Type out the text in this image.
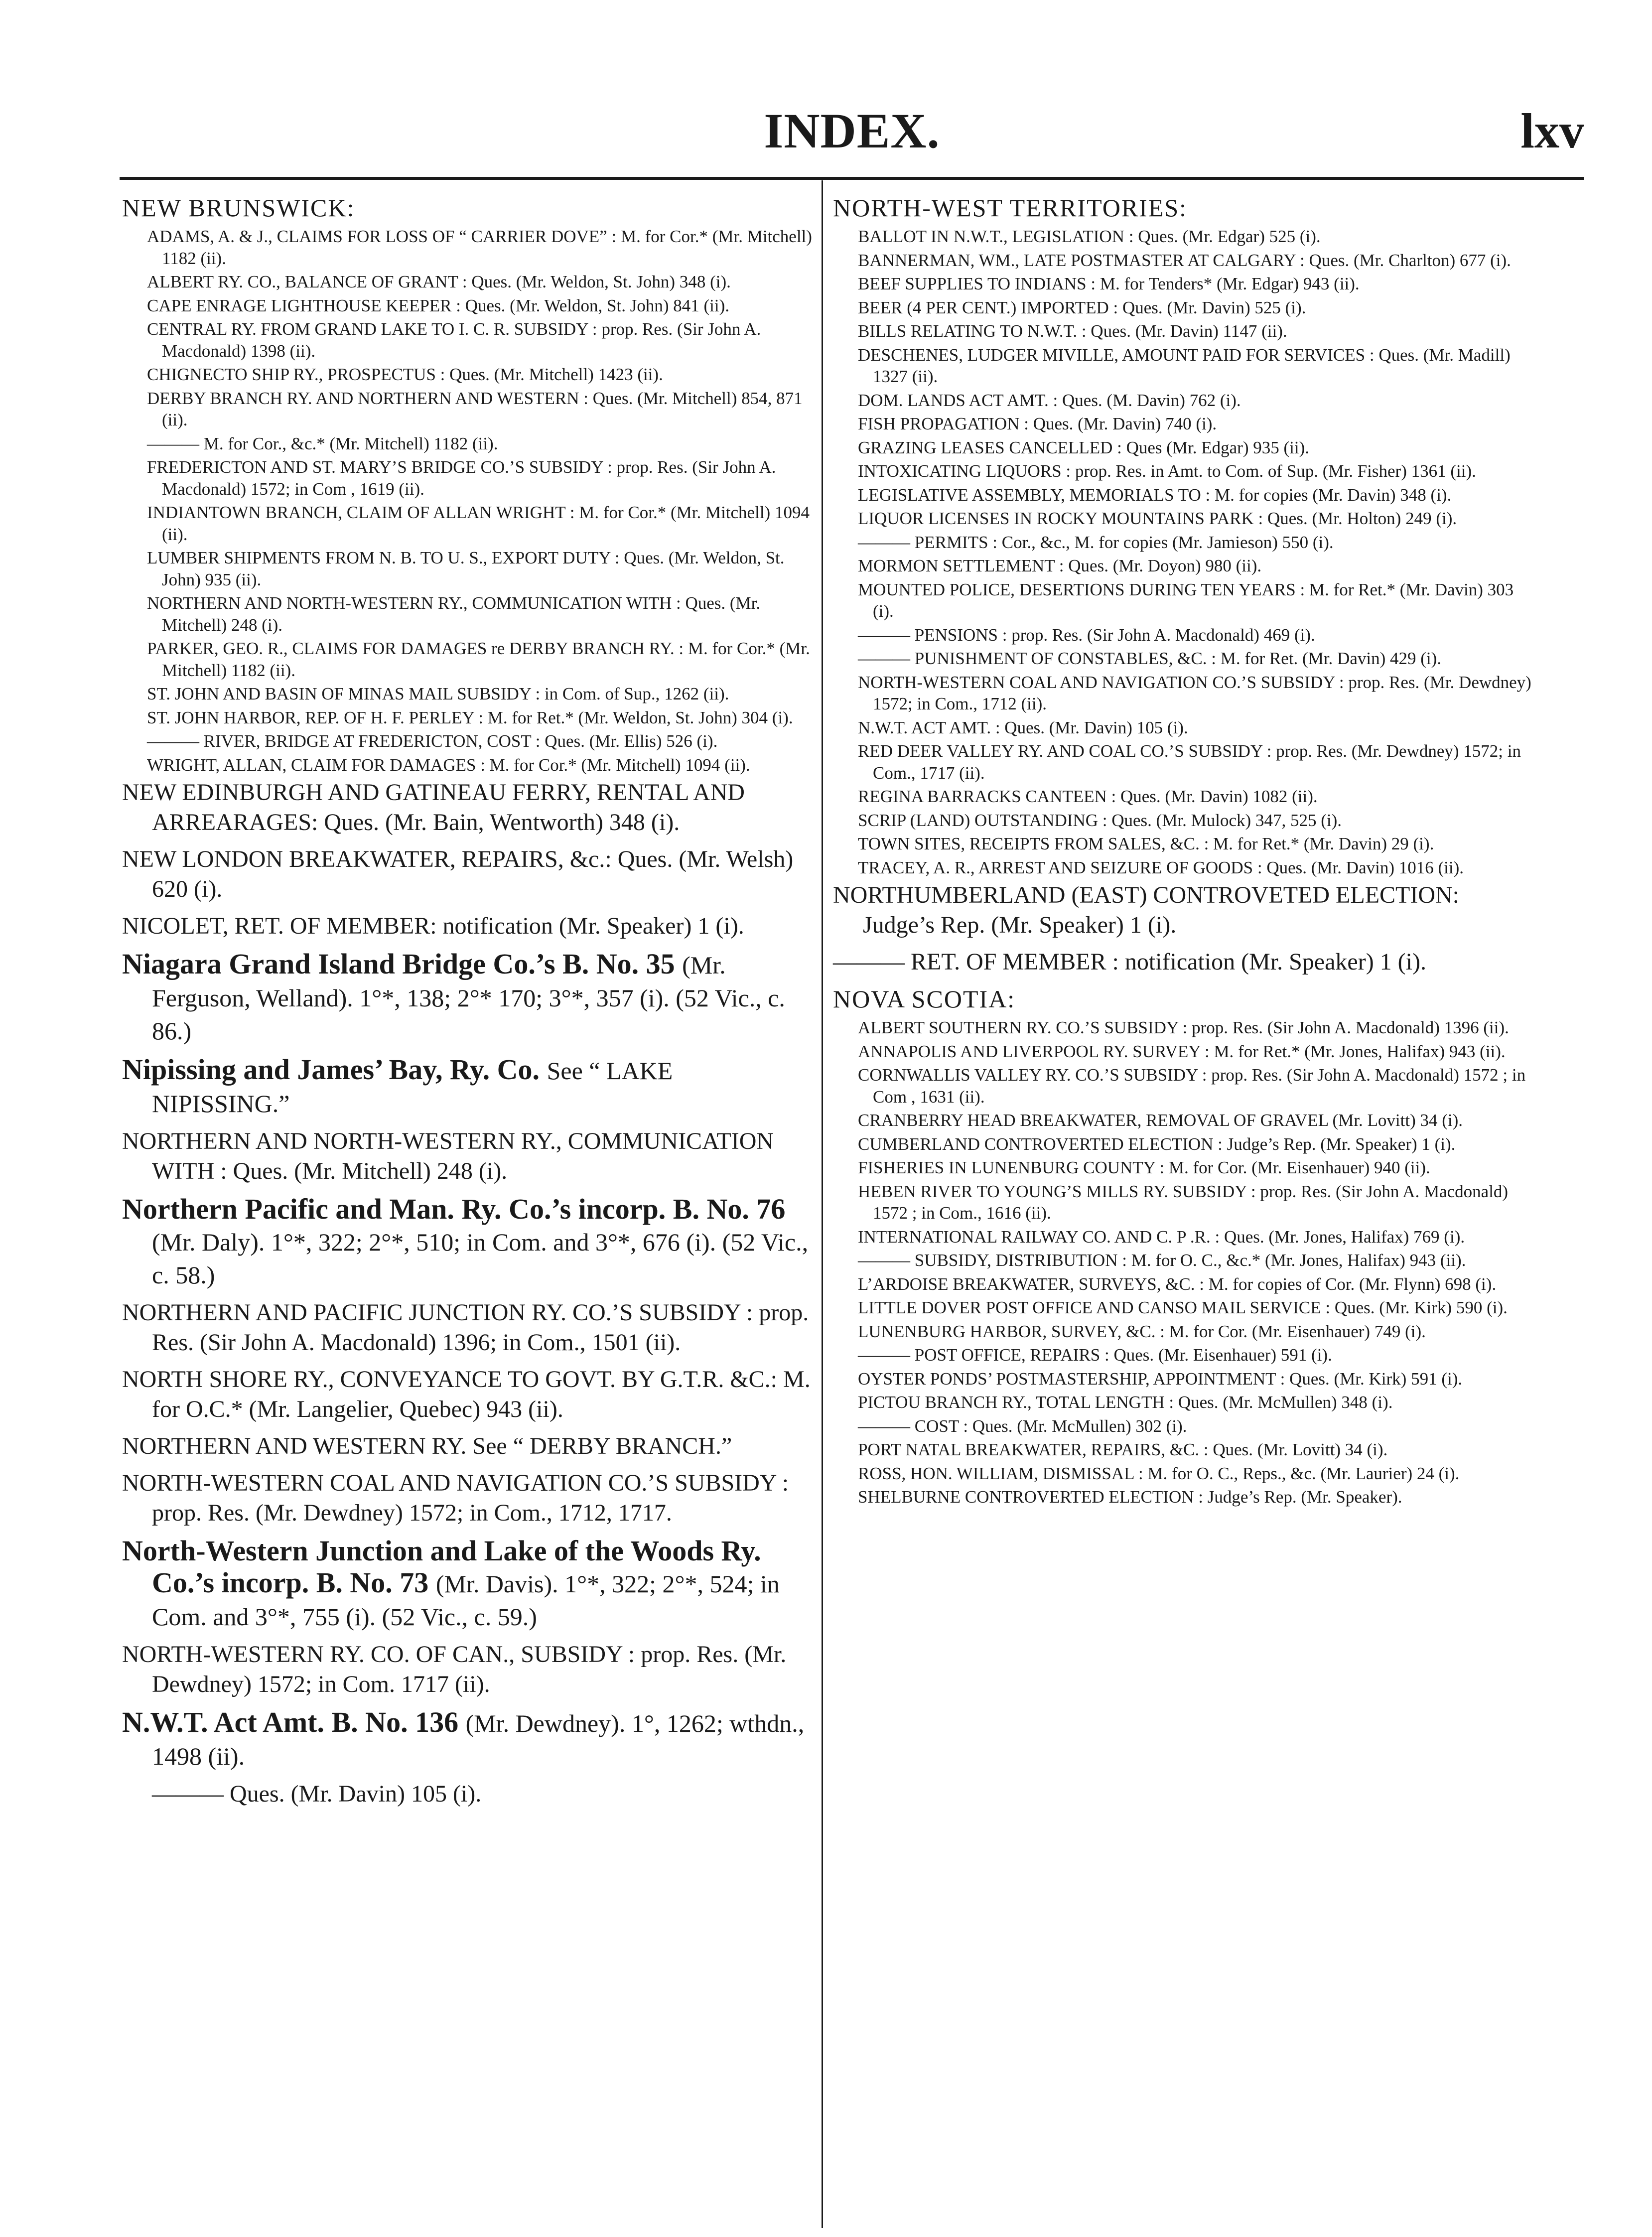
INDEX.	lxv
NEW BRUNSWICK:
ADAMS, A. & J., CLAIMS FOR LOSS OF “ CARRIER DOVE” : M. for Cor.* (Mr. Mitchell) 1182 (ii).
ALBERT RY. CO., BALANCE OF GRANT : Ques. (Mr. Weldon, St. John) 348 (i).
CAPE ENRAGE LIGHTHOUSE KEEPER : Ques. (Mr. Weldon, St. John) 841 (ii).
CENTRAL RY. FROM GRAND LAKE TO I. C. R. SUBSIDY : prop. Res. (Sir John A. Macdonald) 1398 (ii).
CHIGNECTO SHIP RY., PROSPECTUS : Ques. (Mr. Mitchell) 1423 (ii).
DERBY BRANCH RY. AND NORTHERN AND WESTERN : Ques. (Mr. Mitchell) 854, 871 (ii).
——— M. for Cor., &c.* (Mr. Mitchell) 1182 (ii).
FREDERICTON AND ST. MARY’S BRIDGE CO.’S SUBSIDY : prop. Res. (Sir John A. Macdonald) 1572; in Com , 1619 (ii).
INDIANTOWN BRANCH, CLAIM OF ALLAN WRIGHT : M. for Cor.* (Mr. Mitchell) 1094 (ii).
LUMBER SHIPMENTS FROM N. B. TO U. S., EXPORT DUTY : Ques. (Mr. Weldon, St. John) 935 (ii).
NORTHERN AND NORTH-WESTERN RY., COMMUNICATION WITH : Ques. (Mr. Mitchell) 248 (i).
PARKER, GEO. R., CLAIMS FOR DAMAGES re DERBY BRANCH RY. : M. for Cor.* (Mr. Mitchell) 1182 (ii).
ST. JOHN AND BASIN OF MINAS MAIL SUBSIDY : in Com. of Sup., 1262 (ii).
ST. JOHN HARBOR, REP. OF H. F. PERLEY : M. for Ret.* (Mr. Weldon, St. John) 304 (i).
——— RIVER, BRIDGE AT FREDERICTON, COST : Ques. (Mr. Ellis) 526 (i).
WRIGHT, ALLAN, CLAIM FOR DAMAGES : M. for Cor.* (Mr. Mitchell) 1094 (ii).
NEW EDINBURGH AND GATINEAU FERRY, RENTAL AND ARREARAGES: Ques. (Mr. Bain, Wentworth) 348 (i).
NEW LONDON BREAKWATER, REPAIRS, &c.: Ques. (Mr. Welsh) 620 (i).
NICOLET, RET. OF MEMBER: notification (Mr. Speaker) 1 (i).
Niagara Grand Island Bridge Co.’s B. No. 35 (Mr. Ferguson, Welland). 1°*, 138; 2°* 170; 3°*, 357 (i). (52 Vic., c. 86.)
Nipissing and James’ Bay, Ry. Co. See “ LAKE NIPISSING.”
NORTHERN AND NORTH-WESTERN RY., COMMUNICATION WITH : Ques. (Mr. Mitchell) 248 (i).
Northern Pacific and Man. Ry. Co.’s incorp. B. No. 76 (Mr. Daly). 1°*, 322; 2°*, 510; in Com. and 3°*, 676 (i). (52 Vic., c. 58.)
NORTHERN AND PACIFIC JUNCTION RY. CO.’S SUBSIDY : prop. Res. (Sir John A. Macdonald) 1396; in Com., 1501 (ii).
NORTH SHORE RY., CONVEYANCE TO GOVT. BY G.T.R. &C.: M. for O.C.* (Mr. Langelier, Quebec) 943 (ii).
NORTHERN AND WESTERN RY. See “ DERBY BRANCH.”
NORTH-WESTERN COAL AND NAVIGATION CO.’S SUBSIDY : prop. Res. (Mr. Dewdney) 1572; in Com., 1712, 1717.
North-Western Junction and Lake of the Woods Ry. Co.’s incorp. B. No. 73 (Mr. Davis). 1°*, 322; 2°*, 524; in Com. and 3°*, 755 (i). (52 Vic., c. 59.)
NORTH-WESTERN RY. CO. OF CAN., SUBSIDY : prop. Res. (Mr. Dewdney) 1572; in Com. 1717 (ii).
N.W.T. Act Amt. B. No. 136 (Mr. Dewdney). 1°, 1262; wthdn., 1498 (ii).
——— Ques. (Mr. Davin) 105 (i).
NORTH-WEST TERRITORIES:
BALLOT IN N.W.T., LEGISLATION : Ques. (Mr. Edgar) 525 (i).
BANNERMAN, WM., LATE POSTMASTER AT CALGARY : Ques. (Mr. Charlton) 677 (i).
BEEF SUPPLIES TO INDIANS : M. for Tenders* (Mr. Edgar) 943 (ii).
BEER (4 PER CENT.) IMPORTED : Ques. (Mr. Davin) 525 (i).
BILLS RELATING TO N.W.T. : Ques. (Mr. Davin) 1147 (ii).
DESCHENES, LUDGER MIVILLE, AMOUNT PAID FOR SERVICES : Ques. (Mr. Madill) 1327 (ii).
DOM. LANDS ACT AMT. : Ques. (M. Davin) 762 (i).
FISH PROPAGATION : Ques. (Mr. Davin) 740 (i).
GRAZING LEASES CANCELLED : Ques (Mr. Edgar) 935 (ii).
INTOXICATING LIQUORS : prop. Res. in Amt. to Com. of Sup. (Mr. Fisher) 1361 (ii).
LEGISLATIVE ASSEMBLY, MEMORIALS TO : M. for copies (Mr. Davin) 348 (i).
LIQUOR LICENSES IN ROCKY MOUNTAINS PARK : Ques. (Mr. Holton) 249 (i).
——— PERMITS : Cor., &c., M. for copies (Mr. Jamieson) 550 (i).
MORMON SETTLEMENT : Ques. (Mr. Doyon) 980 (ii).
MOUNTED POLICE, DESERTIONS DURING TEN YEARS : M. for Ret.* (Mr. Davin) 303 (i).
——— PENSIONS : prop. Res. (Sir John A. Macdonald) 469 (i).
——— PUNISHMENT OF CONSTABLES, &C. : M. for Ret. (Mr. Davin) 429 (i).
NORTH-WESTERN COAL AND NAVIGATION CO.’S SUBSIDY : prop. Res. (Mr. Dewdney) 1572; in Com., 1712 (ii).
N.W.T. ACT AMT. : Ques. (Mr. Davin) 105 (i).
RED DEER VALLEY RY. AND COAL CO.’S SUBSIDY : prop. Res. (Mr. Dewdney) 1572; in Com., 1717 (ii).
REGINA BARRACKS CANTEEN : Ques. (Mr. Davin) 1082 (ii).
SCRIP (LAND) OUTSTANDING : Ques. (Mr. Mulock) 347, 525 (i).
TOWN SITES, RECEIPTS FROM SALES, &C. : M. for Ret.* (Mr. Davin) 29 (i).
TRACEY, A. R., ARREST AND SEIZURE OF GOODS : Ques. (Mr. Davin) 1016 (ii).
NORTHUMBERLAND (EAST) CONTROVETED ELECTION: Judge’s Rep. (Mr. Speaker) 1 (i).
——— RET. OF MEMBER : notification (Mr. Speaker) 1 (i).
NOVA SCOTIA:
ALBERT SOUTHERN RY. CO.’S SUBSIDY : prop. Res. (Sir John A. Macdonald) 1396 (ii).
ANNAPOLIS AND LIVERPOOL RY. SURVEY : M. for Ret.* (Mr. Jones, Halifax) 943 (ii).
CORNWALLIS VALLEY RY. CO.’S SUBSIDY : prop. Res. (Sir John A. Macdonald) 1572 ; in Com , 1631 (ii).
CRANBERRY HEAD BREAKWATER, REMOVAL OF GRAVEL (Mr. Lovitt) 34 (i).
CUMBERLAND CONTROVERTED ELECTION : Judge’s Rep. (Mr. Speaker) 1 (i).
FISHERIES IN LUNENBURG COUNTY : M. for Cor. (Mr. Eisenhauer) 940 (ii).
HEBEN RIVER TO YOUNG’S MILLS RY. SUBSIDY : prop. Res. (Sir John A. Macdonald) 1572 ; in Com., 1616 (ii).
INTERNATIONAL RAILWAY CO. AND C. P .R. : Ques. (Mr. Jones, Halifax) 769 (i).
——— SUBSIDY, DISTRIBUTION : M. for O. C., &c.* (Mr. Jones, Halifax) 943 (ii).
L’ARDOISE BREAKWATER, SURVEYS, &C. : M. for copies of Cor. (Mr. Flynn) 698 (i).
LITTLE DOVER POST OFFICE AND CANSO MAIL SERVICE : Ques. (Mr. Kirk) 590 (i).
LUNENBURG HARBOR, SURVEY, &C. : M. for Cor. (Mr. Eisenhauer) 749 (i).
——— POST OFFICE, REPAIRS : Ques. (Mr. Eisenhauer) 591 (i).
OYSTER PONDS’ POSTMASTERSHIP, APPOINTMENT : Ques. (Mr. Kirk) 591 (i).
PICTOU BRANCH RY., TOTAL LENGTH : Ques. (Mr. McMullen) 348 (i).
——— COST : Ques. (Mr. McMullen) 302 (i).
PORT NATAL BREAKWATER, REPAIRS, &C. : Ques. (Mr. Lovitt) 34 (i).
ROSS, HON. WILLIAM, DISMISSAL : M. for O. C., Reps., &c. (Mr. Laurier) 24 (i).
SHELBURNE CONTROVERTED ELECTION : Judge’s Rep. (Mr. Speaker).
